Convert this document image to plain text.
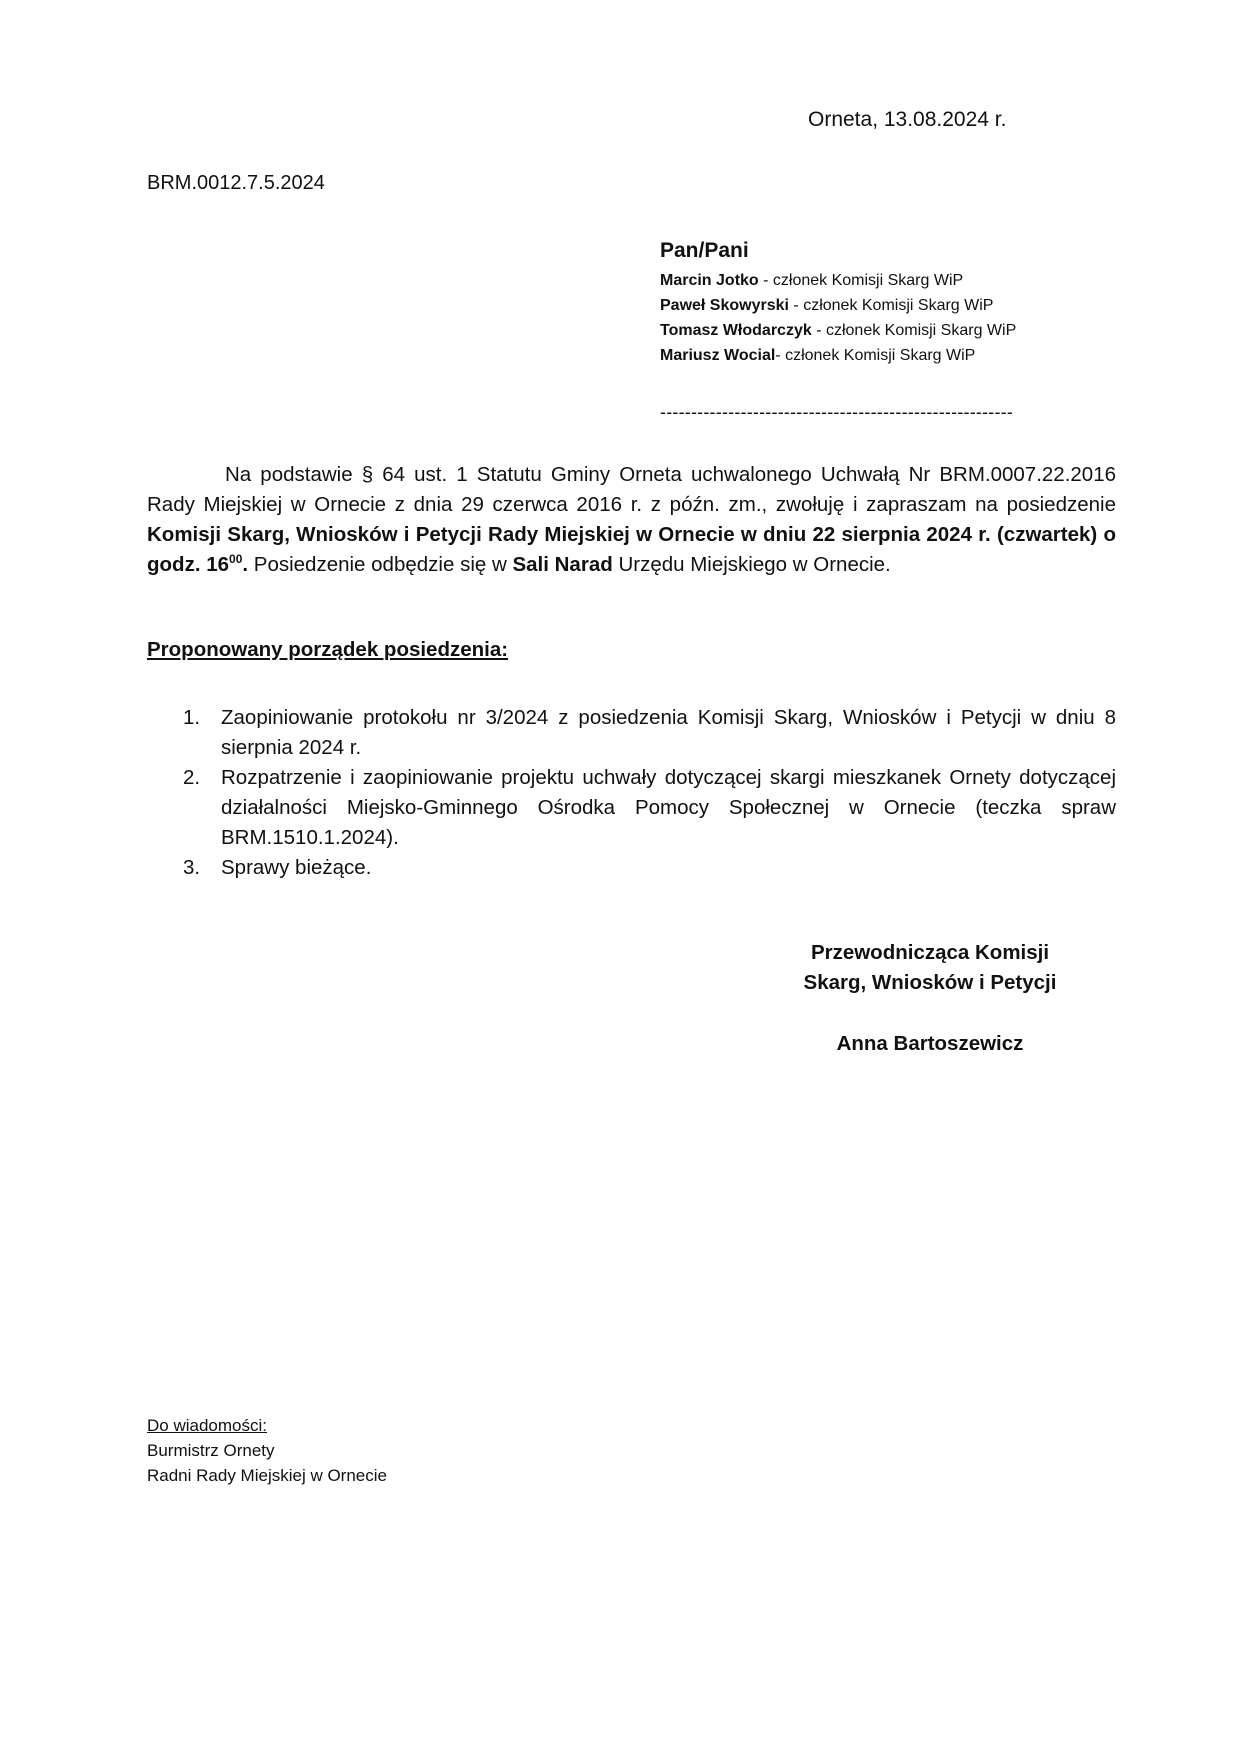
Orneta, 13.08.2024 r.
BRM.0012.7.5.2024
Pan/Pani
Marcin Jotko - członek Komisji Skarg WiP
Paweł Skowyrski - członek Komisji Skarg WiP
Tomasz Włodarczyk - członek Komisji Skarg WiP
Mariusz Wocial- członek Komisji Skarg WiP
---------------------------------------------------------
Na podstawie § 64 ust. 1 Statutu Gminy Orneta uchwalonego Uchwałą Nr BRM.0007.22.2016 Rady Miejskiej w Ornecie z dnia 29 czerwca 2016 r. z późn. zm., zwołuję i zapraszam na posiedzenie Komisji Skarg, Wniosków i Petycji Rady Miejskiej w Ornecie w dniu 22 sierpnia 2024 r. (czwartek) o godz. $16^{00}$. Posiedzenie odbędzie się w Sali Narad Urzędu Miejskiego w Ornecie.
Proponowany porządek posiedzenia:
1. Zaopiniowanie protokołu nr 3/2024 z posiedzenia Komisji Skarg, Wniosków i Petycji w dniu 8 sierpnia 2024 r.
2. Rozpatrzenie i zaopiniowanie projektu uchwały dotyczącej skargi mieszkanek Ornety dotyczącej działalności Miejsko-Gminnego Ośrodka Pomocy Społecznej w Ornecie (teczka spraw BRM.1510.1.2024).
3. Sprawy bieżące.
Przewodnicząca Komisji
Skarg, Wniosków i Petycji
Anna Bartoszewicz
Do wiadomości:
Burmistrz Ornety
Radni Rady Miejskiej w Ornecie
